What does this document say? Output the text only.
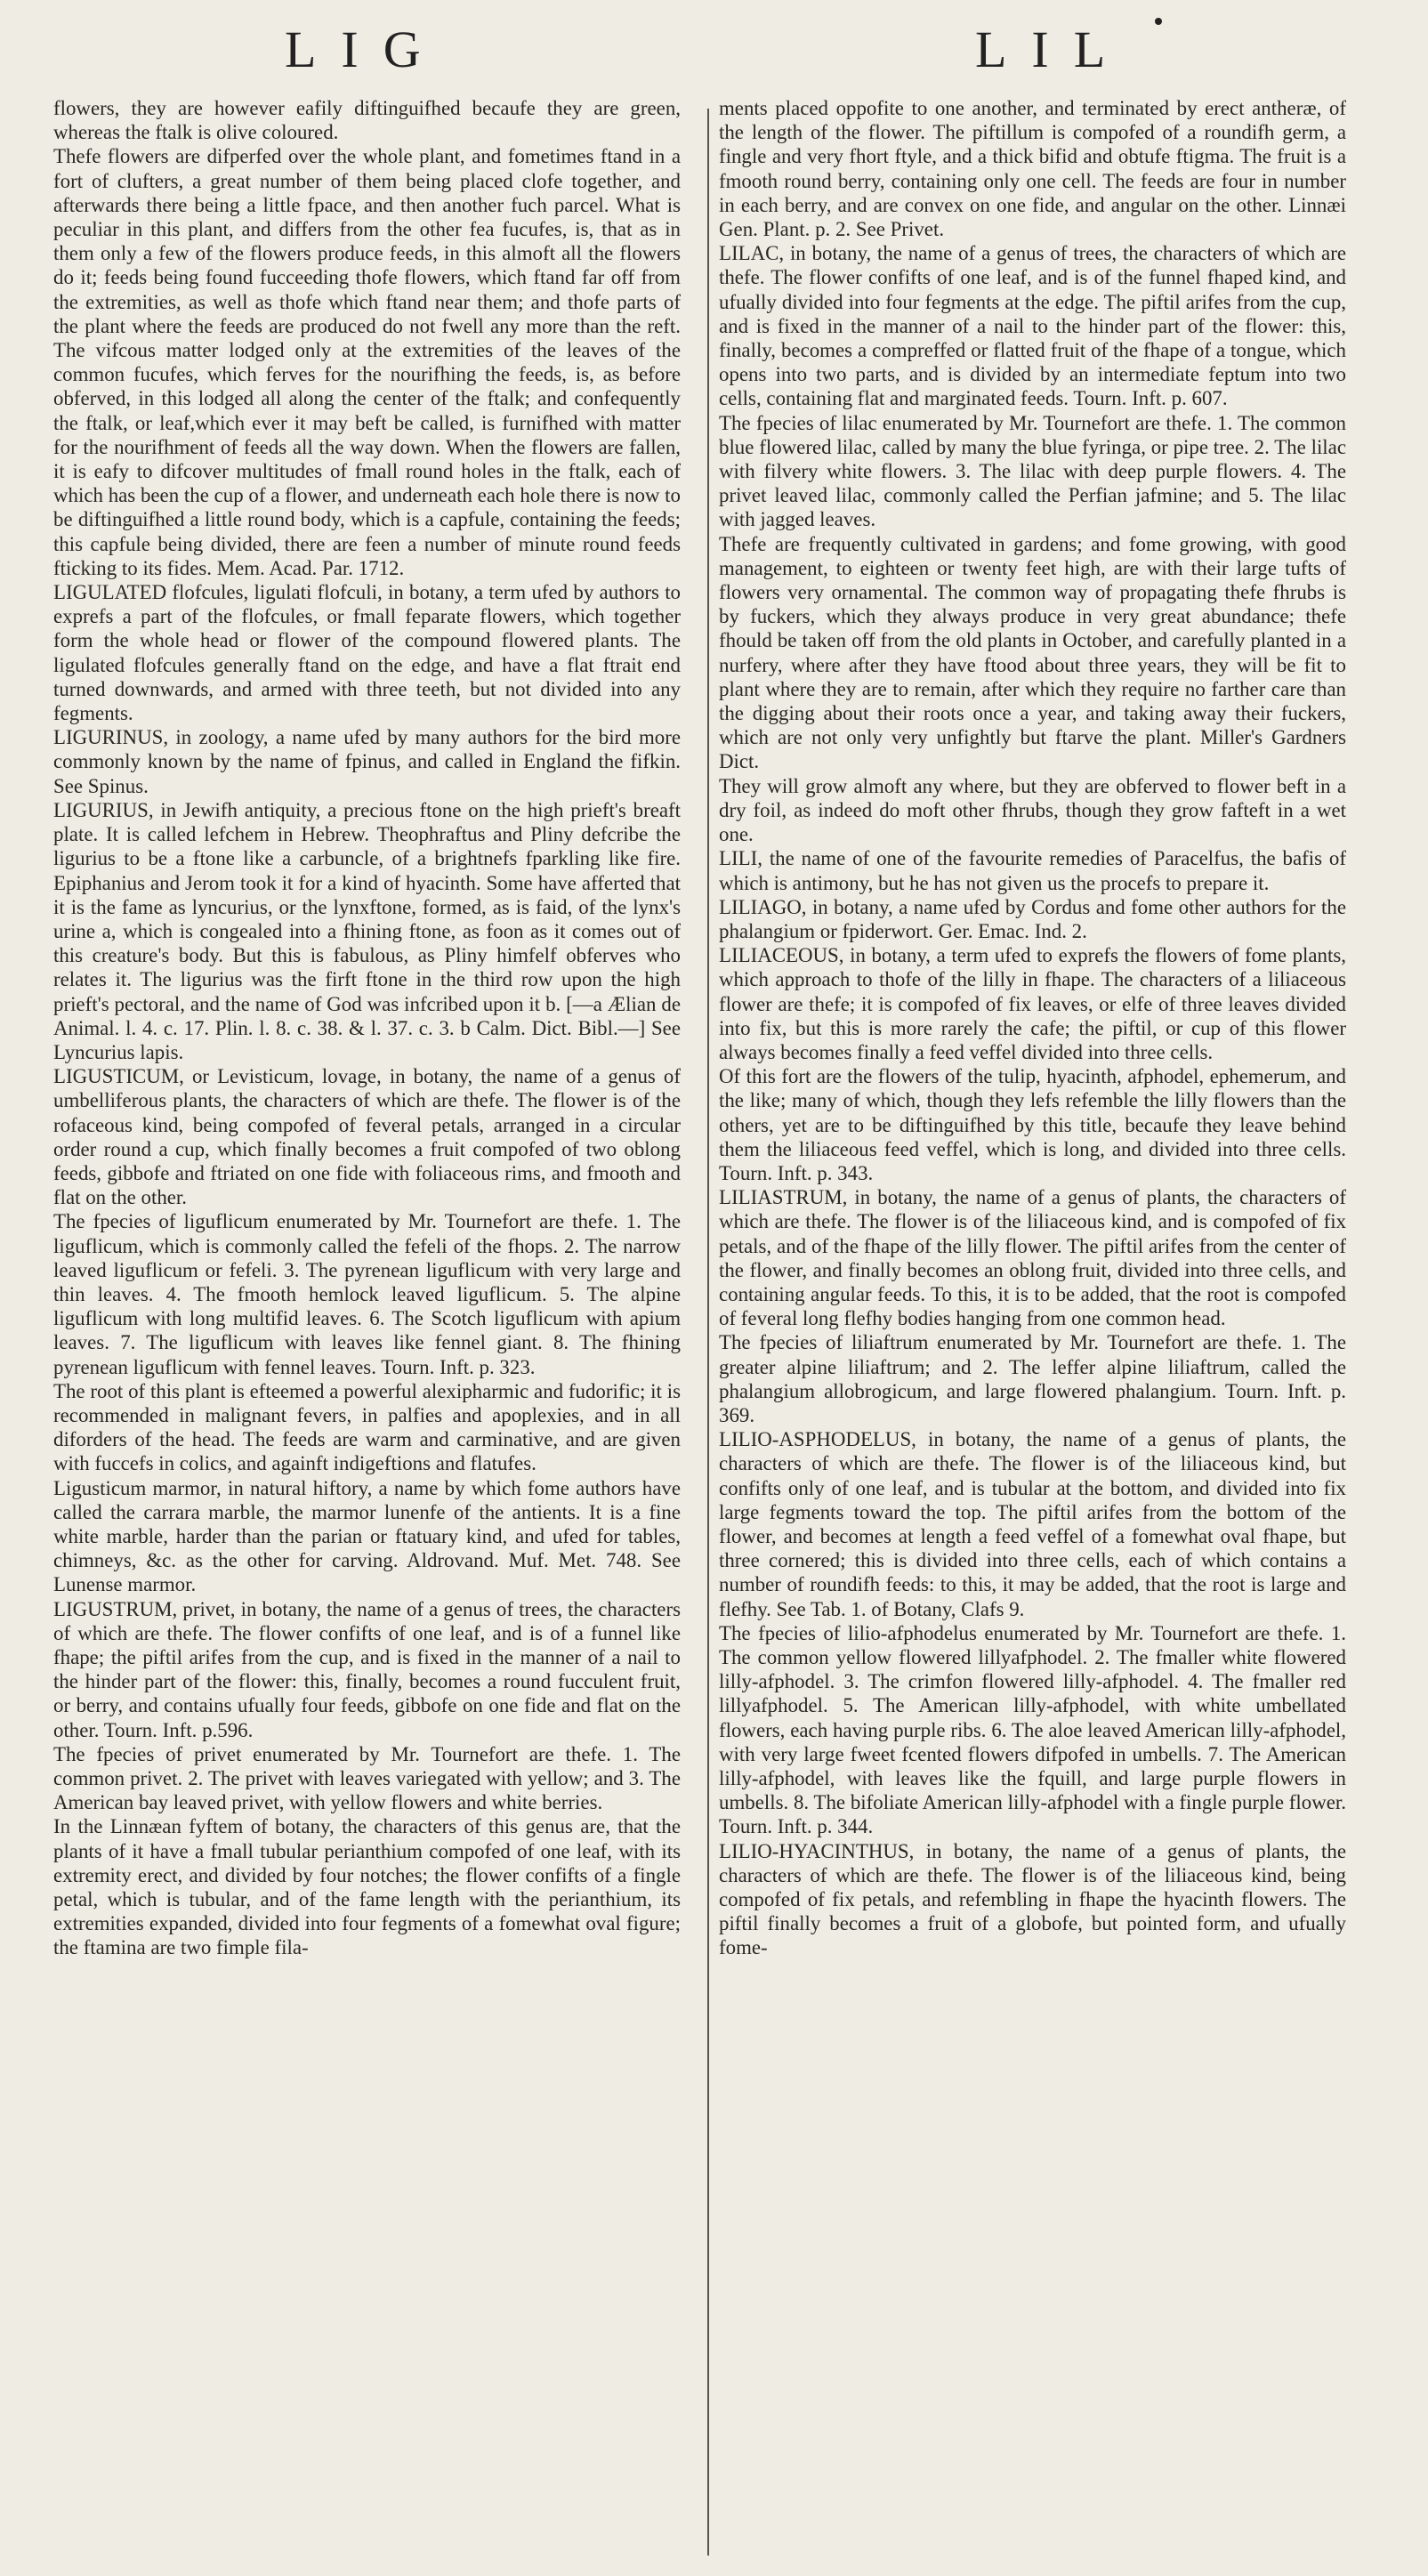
LIG	LIL

flowers, they are however eafily diftinguifhed becaufe they are green, whereas the ftalk is olive coloured.

Thefe flowers are difperfed over the whole plant, and fometimes ftand in a fort of clufters, a great number of them being placed clofe together, and afterwards there being a little fpace, and then another fuch parcel. What is peculiar in this plant, and differs from the other fea fucufes, is, that as in them only a few of the flowers produce feeds, in this almoft all the flowers do it; feeds being found fucceeding thofe flowers, which ftand far off from the extremities, as well as thofe which ftand near them; and thofe parts of the plant where the feeds are produced do not fwell any more than the reft. The vifcous matter lodged only at the extremities of the leaves of the common fucufes, which ferves for the nourifhing the feeds, is, as before obferved, in this lodged all along the center of the ftalk; and confequently the ftalk, or leaf,which ever it may beft be called, is furnifhed with matter for the nourifhment of feeds all the way down. When the flowers are fallen, it is eafy to difcover multitudes of fmall round holes in the ftalk, each of which has been the cup of a flower, and underneath each hole there is now to be diftinguifhed a little round body, which is a capfule, containing the feeds; this capfule being divided, there are feen a number of minute round feeds fticking to its fides. Mem. Acad. Par. 1712.

LIGULATED flofcules, ligulati flofculi, in botany, a term ufed by authors to exprefs a part of the flofcules, or fmall feparate flowers, which together form the whole head or flower of the compound flowered plants. The ligulated flofcules generally ftand on the edge, and have a flat ftrait end turned downwards, and armed with three teeth, but not divided into any fegments.

LIGURINUS, in zoology, a name ufed by many authors for the bird more commonly known by the name of fpinus, and called in England the fifkin. See Spinus.

LIGURIUS, in Jewifh antiquity, a precious ftone on the high prieft's breaft plate. It is called lefchem in Hebrew. Theophraftus and Pliny defcribe the ligurius to be a ftone like a carbuncle, of a brightnefs fparkling like fire. Epiphanius and Jerom took it for a kind of hyacinth. Some have afferted that it is the fame as lyncurius, or the lynxftone, formed, as is faid, of the lynx's urine a, which is congealed into a fhining ftone, as foon as it comes out of this creature's body. But this is fabulous, as Pliny himfelf obferves who relates it. The ligurius was the firft ftone in the third row upon the high prieft's pectoral, and the name of God was infcribed upon it b. [—a Ælian de Animal. l. 4. c. 17. Plin. l. 8. c. 38. & l. 37. c. 3. b Calm. Dict. Bibl.—] See Lyncurius lapis.

LIGUSTICUM, or Levisticum, lovage, in botany, the name of a genus of umbelliferous plants, the characters of which are thefe. The flower is of the rofaceous kind, being compofed of feveral petals, arranged in a circular order round a cup, which finally becomes a fruit compofed of two oblong feeds, gibbofe and ftriated on one fide with foliaceous rims, and fmooth and flat on the other.

The fpecies of liguflicum enumerated by Mr. Tournefort are thefe. 1. The liguflicum, which is commonly called the fefeli of the fhops. 2. The narrow leaved liguflicum or fefeli. 3. The pyrenean liguflicum with very large and thin leaves. 4. The fmooth hemlock leaved liguflicum. 5. The alpine liguflicum with long multifid leaves. 6. The Scotch liguflicum with apium leaves. 7. The liguflicum with leaves like fennel giant. 8. The fhining pyrenean liguflicum with fennel leaves. Tourn. Inft. p. 323.

The root of this plant is efteemed a powerful alexipharmic and fudorific; it is recommended in malignant fevers, in palfies and apoplexies, and in all diforders of the head. The feeds are warm and carminative, and are given with fuccefs in colics, and againft indigeftions and flatufes.

Ligusticum marmor, in natural hiftory, a name by which fome authors have called the carrara marble, the marmor lunenfe of the antients. It is a fine white marble, harder than the parian or ftatuary kind, and ufed for tables, chimneys, &c. as the other for carving. Aldrovand. Muf. Met. 748. See Lunense marmor.

LIGUSTRUM, privet, in botany, the name of a genus of trees, the characters of which are thefe. The flower confifts of one leaf, and is of a funnel like fhape; the piftil arifes from the cup, and is fixed in the manner of a nail to the hinder part of the flower: this, finally, becomes a round fucculent fruit, or berry, and contains ufually four feeds, gibbofe on one fide and flat on the other. Tourn. Inft. p.596.

The fpecies of privet enumerated by Mr. Tournefort are thefe. 1. The common privet. 2. The privet with leaves variegated with yellow; and 3. The American bay leaved privet, with yellow flowers and white berries.

In the Linnæan fyftem of botany, the characters of this genus are, that the plants of it have a fmall tubular perianthium compofed of one leaf, with its extremity erect, and divided by four notches; the flower confifts of a fingle petal, which is tubular, and of the fame length with the perianthium, its extremities expanded, divided into four fegments of a fomewhat oval figure; the ftamina are two fimple fila-

ments placed oppofite to one another, and terminated by erect antheræ, of the length of the flower. The piftillum is compofed of a roundifh germ, a fingle and very fhort ftyle, and a thick bifid and obtufe ftigma. The fruit is a fmooth round berry, containing only one cell. The feeds are four in number in each berry, and are convex on one fide, and angular on the other. Linnæi Gen. Plant. p. 2. See Privet.

LILAC, in botany, the name of a genus of trees, the characters of which are thefe. The flower confifts of one leaf, and is of the funnel fhaped kind, and ufually divided into four fegments at the edge. The piftil arifes from the cup, and is fixed in the manner of a nail to the hinder part of the flower: this, finally, becomes a compreffed or flatted fruit of the fhape of a tongue, which opens into two parts, and is divided by an intermediate feptum into two cells, containing flat and marginated feeds. Tourn. Inft. p. 607.

The fpecies of lilac enumerated by Mr. Tournefort are thefe. 1. The common blue flowered lilac, called by many the blue fyringa, or pipe tree. 2. The lilac with filvery white flowers. 3. The lilac with deep purple flowers. 4. The privet leaved lilac, commonly called the Perfian jafmine; and 5. The lilac with jagged leaves.

Thefe are frequently cultivated in gardens; and fome growing, with good management, to eighteen or twenty feet high, are with their large tufts of flowers very ornamental. The common way of propagating thefe fhrubs is by fuckers, which they always produce in very great abundance; thefe fhould be taken off from the old plants in October, and carefully planted in a nurfery, where after they have ftood about three years, they will be fit to plant where they are to remain, after which they require no farther care than the digging about their roots once a year, and taking away their fuckers, which are not only very unfightly but ftarve the plant. Miller's Gardners Dict.

They will grow almoft any where, but they are obferved to flower beft in a dry foil, as indeed do moft other fhrubs, though they grow fafteft in a wet one.

LILI, the name of one of the favourite remedies of Paracelfus, the bafis of which is antimony, but he has not given us the procefs to prepare it.

LILIAGO, in botany, a name ufed by Cordus and fome other authors for the phalangium or fpiderwort. Ger. Emac. Ind. 2.

LILIACEOUS, in botany, a term ufed to exprefs the flowers of fome plants, which approach to thofe of the lilly in fhape. The characters of a liliaceous flower are thefe; it is compofed of fix leaves, or elfe of three leaves divided into fix, but this is more rarely the cafe; the piftil, or cup of this flower always becomes finally a feed veffel divided into three cells.

Of this fort are the flowers of the tulip, hyacinth, afphodel, ephemerum, and the like; many of which, though they lefs refemble the lilly flowers than the others, yet are to be diftinguifhed by this title, becaufe they leave behind them the liliaceous feed veffel, which is long, and divided into three cells. Tourn. Inft. p. 343.

LILIASTRUM, in botany, the name of a genus of plants, the characters of which are thefe. The flower is of the liliaceous kind, and is compofed of fix petals, and of the fhape of the lilly flower. The piftil arifes from the center of the flower, and finally becomes an oblong fruit, divided into three cells, and containing angular feeds. To this, it is to be added, that the root is compofed of feveral long flefhy bodies hanging from one common head.

The fpecies of liliaftrum enumerated by Mr. Tournefort are thefe. 1. The greater alpine liliaftrum; and 2. The leffer alpine liliaftrum, called the phalangium allobrogicum, and large flowered phalangium. Tourn. Inft. p. 369.

LILIO-ASPHODELUS, in botany, the name of a genus of plants, the characters of which are thefe. The flower is of the liliaceous kind, but confifts only of one leaf, and is tubular at the bottom, and divided into fix large fegments toward the top. The piftil arifes from the bottom of the flower, and becomes at length a feed veffel of a fomewhat oval fhape, but three cornered; this is divided into three cells, each of which contains a number of roundifh feeds: to this, it may be added, that the root is large and flefhy. See Tab. 1. of Botany, Clafs 9.

The fpecies of lilio-afphodelus enumerated by Mr. Tournefort are thefe. 1. The common yellow flowered lillyafphodel. 2. The fmaller white flowered lilly-afphodel. 3. The crimfon flowered lilly-afphodel. 4. The fmaller red lillyafphodel. 5. The American lilly-afphodel, with white umbellated flowers, each having purple ribs. 6. The aloe leaved American lilly-afphodel, with very large fweet fcented flowers difpofed in umbells. 7. The American lilly-afphodel, with leaves like the fquill, and large purple flowers in umbells. 8. The bifoliate American lilly-afphodel with a fingle purple flower. Tourn. Inft. p. 344.

LILIO-HYACINTHUS, in botany, the name of a genus of plants, the characters of which are thefe. The flower is of the liliaceous kind, being compofed of fix petals, and refembling in fhape the hyacinth flowers. The piftil finally becomes a fruit of a globofe, but pointed form, and ufually fome-
